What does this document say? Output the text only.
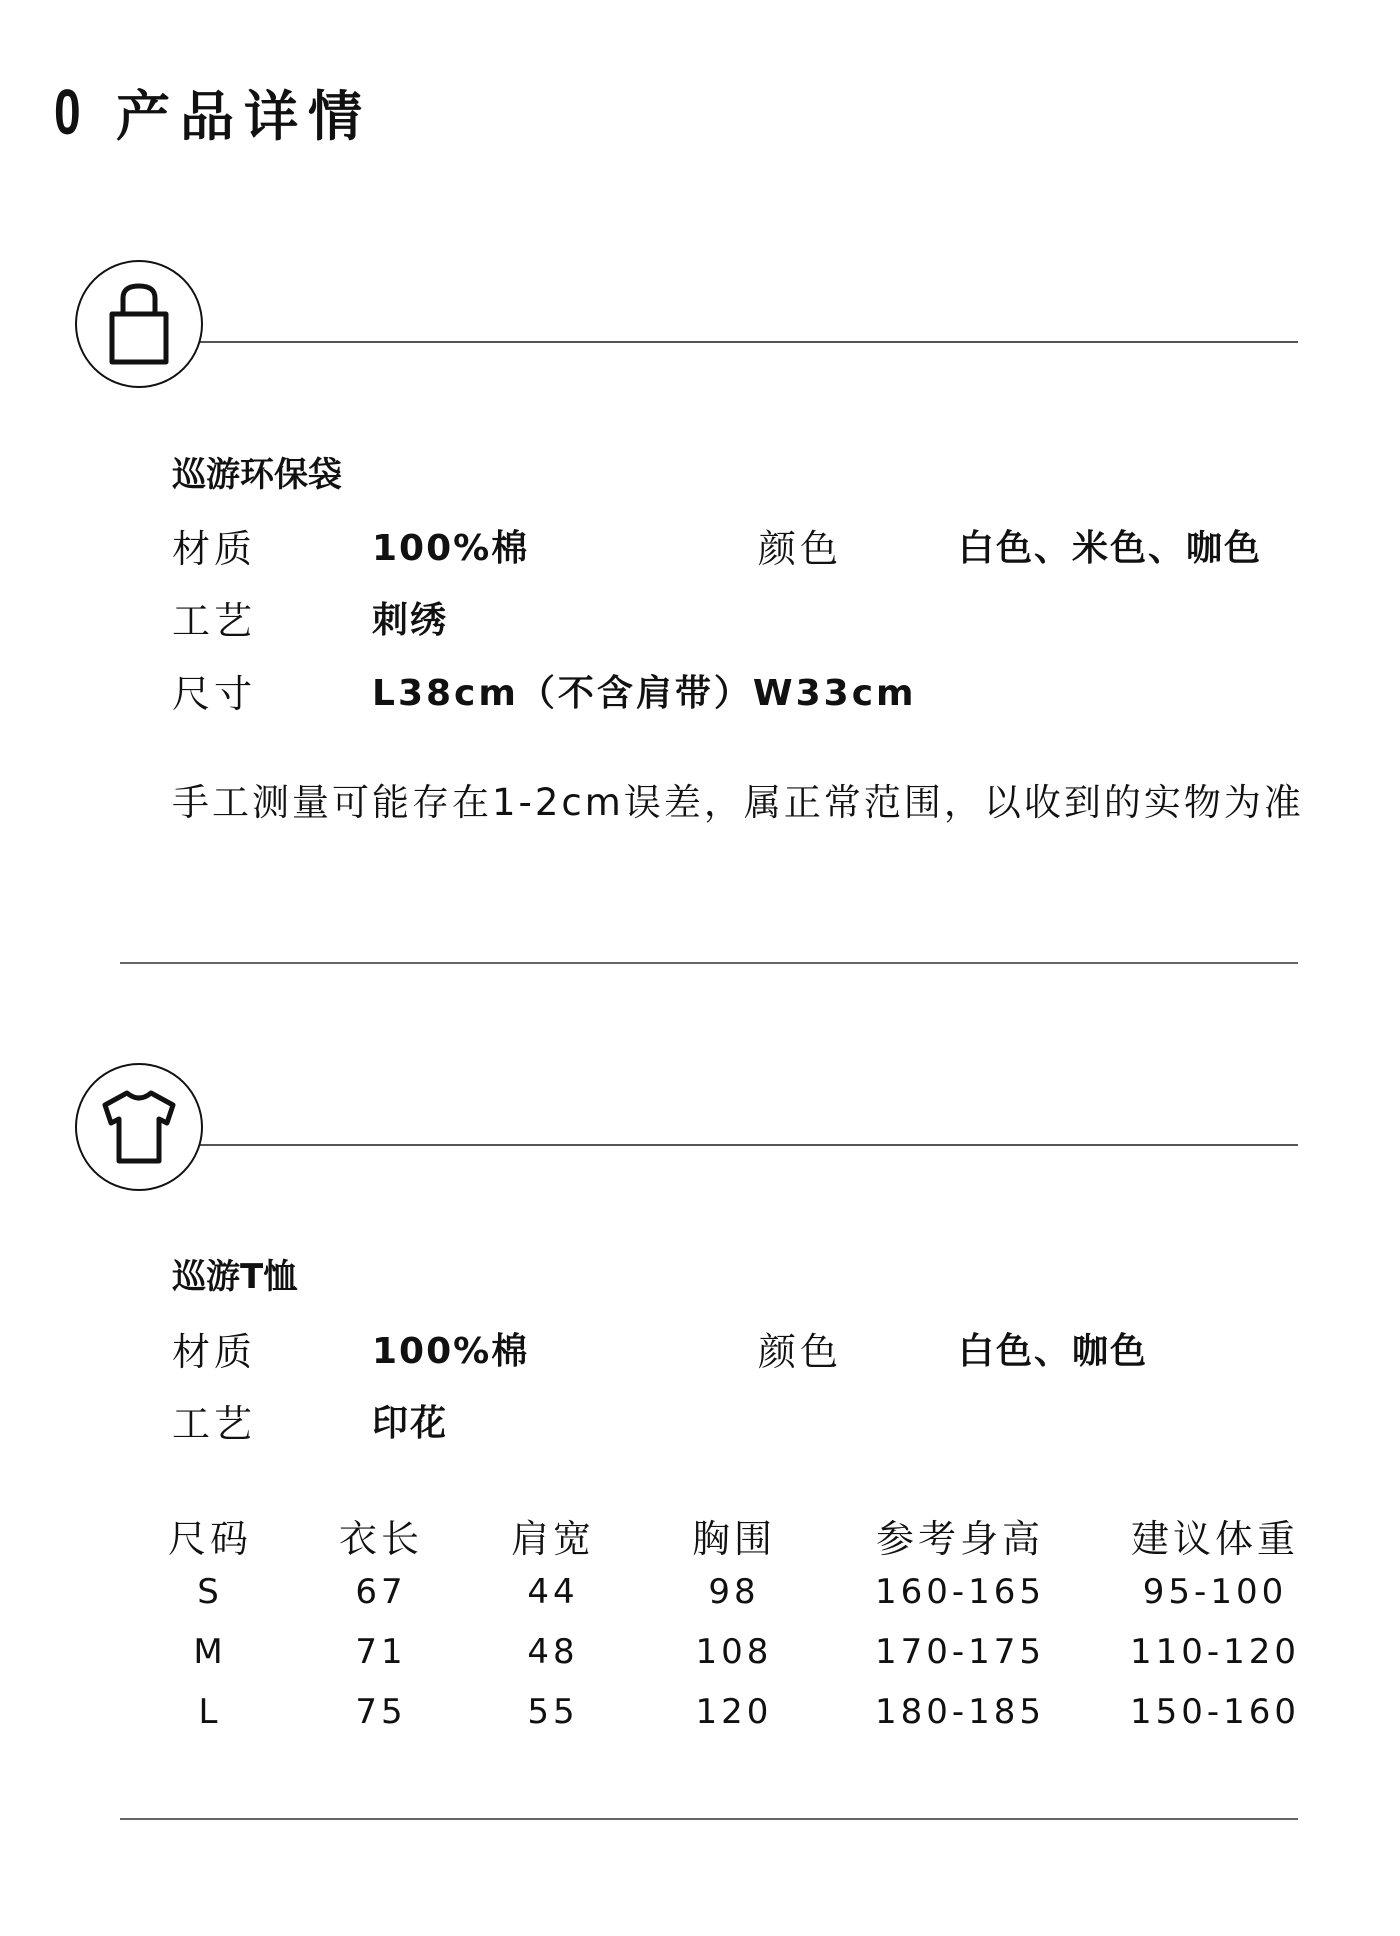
0 产品详情
巡游环保袋
材质	100%棉	颜色	白色、米色、咖色
工艺	刺绣
尺寸	L38cm（不含肩带）W33cm
手工测量可能存在1-2cm误差，属正常范围，以收到的实物为准
巡游T恤
材质	100%棉	颜色	白色、咖色
工艺	印花
尺码	衣长	肩宽	胸围	参考身高	建议体重
S	67	44	98	160-165	95-100
M	71	48	108	170-175	110-120
L	75	55	120	180-185	150-160
